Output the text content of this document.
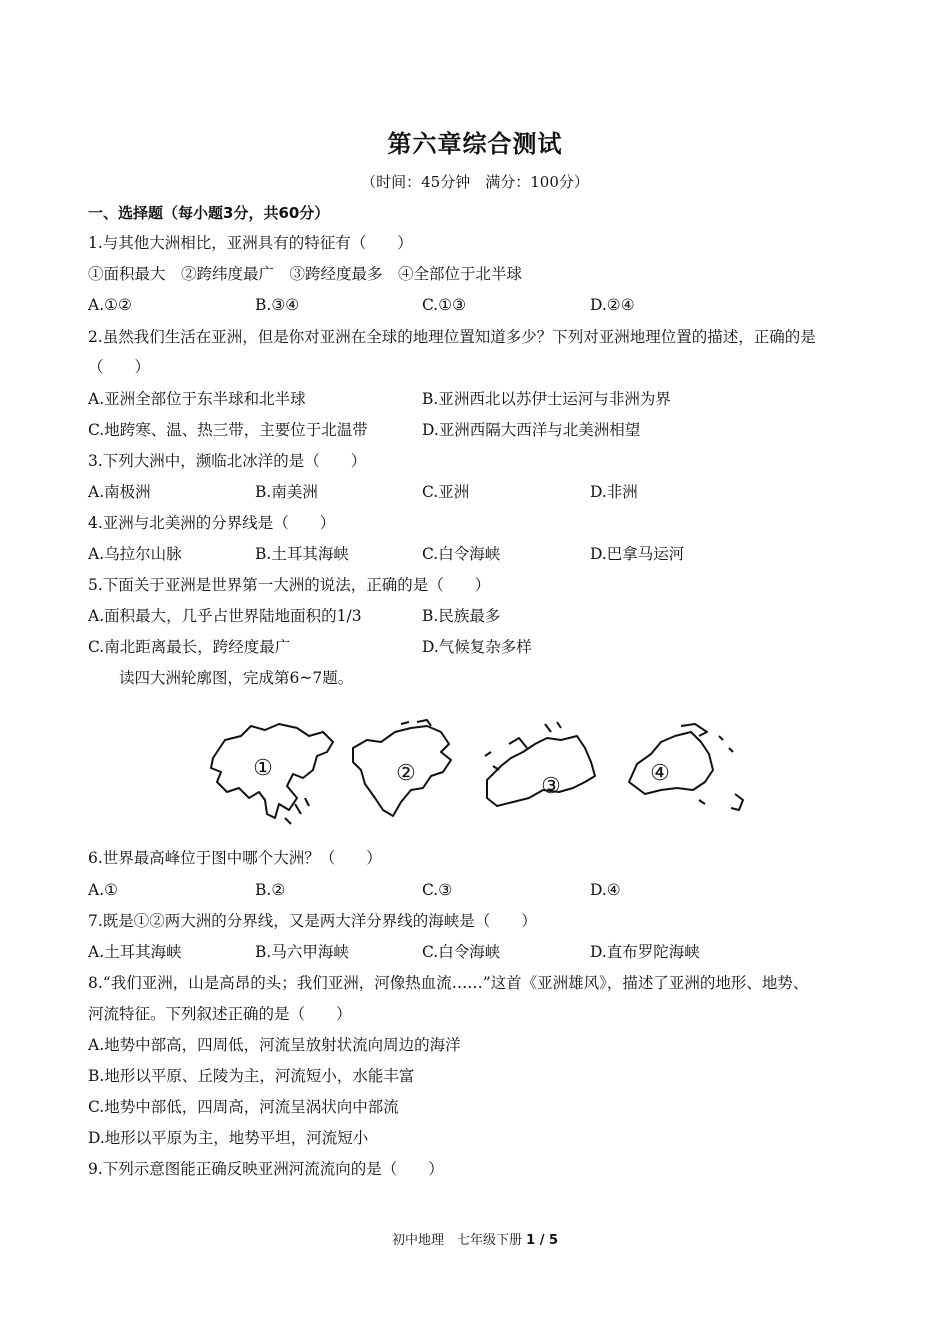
第六章综合测试
（时间：45分钟　满分：100分）
一、选择题（每小题3分，共60分）
1.与其他大洲相比，亚洲具有的特征有（　　）
①面积最大　②跨纬度最广　③跨经度最多　④全部位于北半球
A.①②	B.③④	C.①③	D.②④
2.虽然我们生活在亚洲，但是你对亚洲在全球的地理位置知道多少？下列对亚洲地理位置的描述，正确的是
（　　）
A.亚洲全部位于东半球和北半球	B.亚洲西北以苏伊士运河与非洲为界
C.地跨寒、温、热三带，主要位于北温带	D.亚洲西隔大西洋与北美洲相望
3.下列大洲中，濒临北冰洋的是（　　）
A.南极洲	B.南美洲	C.亚洲	D.非洲
4.亚洲与北美洲的分界线是（　　）
A.乌拉尔山脉	B.土耳其海峡	C.白令海峡	D.巴拿马运河
5.下面关于亚洲是世界第一大洲的说法，正确的是（　　）
A.面积最大，几乎占世界陆地面积的1/3	B.民族最多
C.南北距离最长，跨经度最广	D.气候复杂多样
读四大洲轮廓图，完成第6~7题。
①	②
③
④
6.世界最高峰位于图中哪个大洲？（　　）
A.①	B.②	C.③	D.④
7.既是①②两大洲的分界线，又是两大洋分界线的海峡是（　　）
A.土耳其海峡	B.马六甲海峡	C.白令海峡	D.直布罗陀海峡
8.“我们亚洲，山是高昂的头；我们亚洲，河像热血流……”这首《亚洲雄风》，描述了亚洲的地形、地势、
河流特征。下列叙述正确的是（　　）
A.地势中部高，四周低，河流呈放射状流向周边的海洋
B.地形以平原、丘陵为主，河流短小，水能丰富
C.地势中部低，四周高，河流呈涡状向中部流
D.地形以平原为主，地势平坦，河流短小
9.下列示意图能正确反映亚洲河流流向的是（　　）
初中地理　七年级下册 1 / 5
